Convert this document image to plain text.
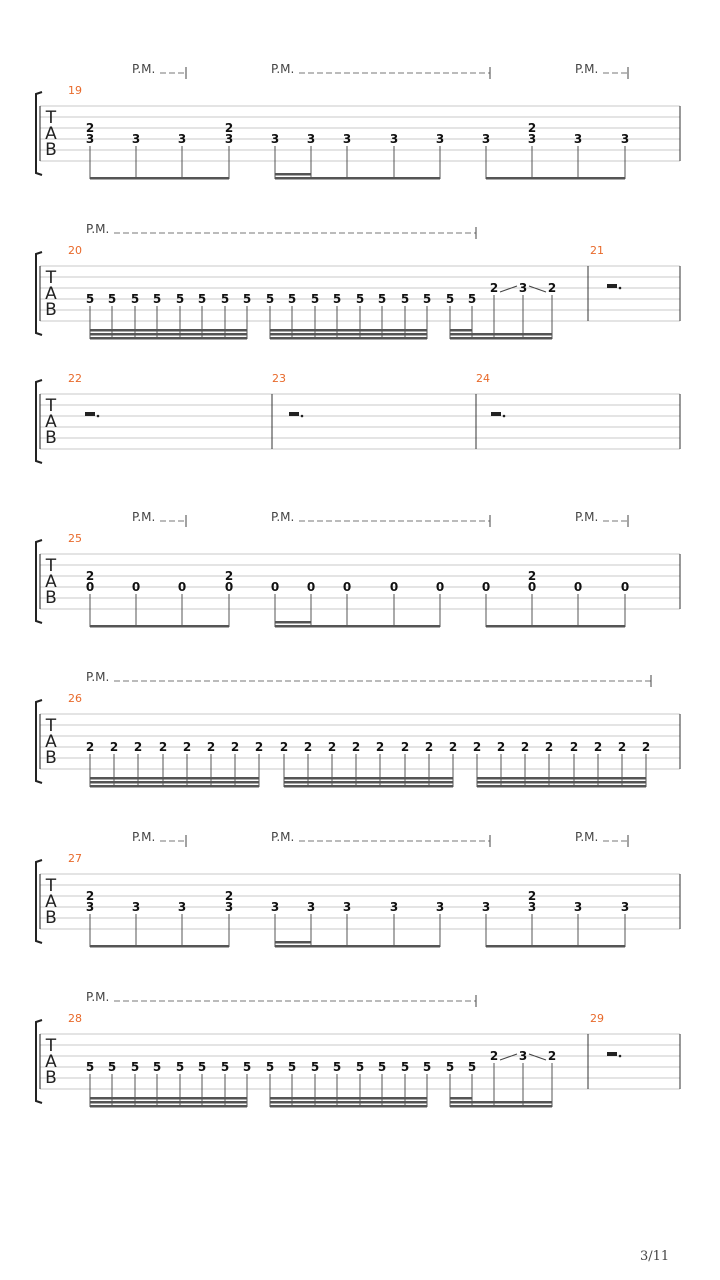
T
A
B
19
P.M.	P.M.	P.M.
2
3	3	3
2
3	3 3 3	3	3	3
2
3	3	3
T
A
B
20	21
P.M.
5 5 5 5 5 5 5 5 5 5 5 5 5 5 5 5 5 5
2 3 2
T
A
B
22	23	24
T
A
B
25
P.M.	P.M.	P.M.
2
0	0	0
2
0	0 0 0	0	0	0
2
0	0	0
T
A
B
26
P.M.
2 2 2 2 2 2 2 2 2 2 2 2 2 2 2 2 2 2 2 2 2 2 2 2
T
A
B
27
P.M.	P.M.	P.M.
2
3	3	3
2
3	3 3 3	3	3	3
2
3	3	3
T
A
B
28	29
P.M.
5 5 5 5 5 5 5 5 5 5 5 5 5 5 5 5 5 5
2 3 2
3/11
